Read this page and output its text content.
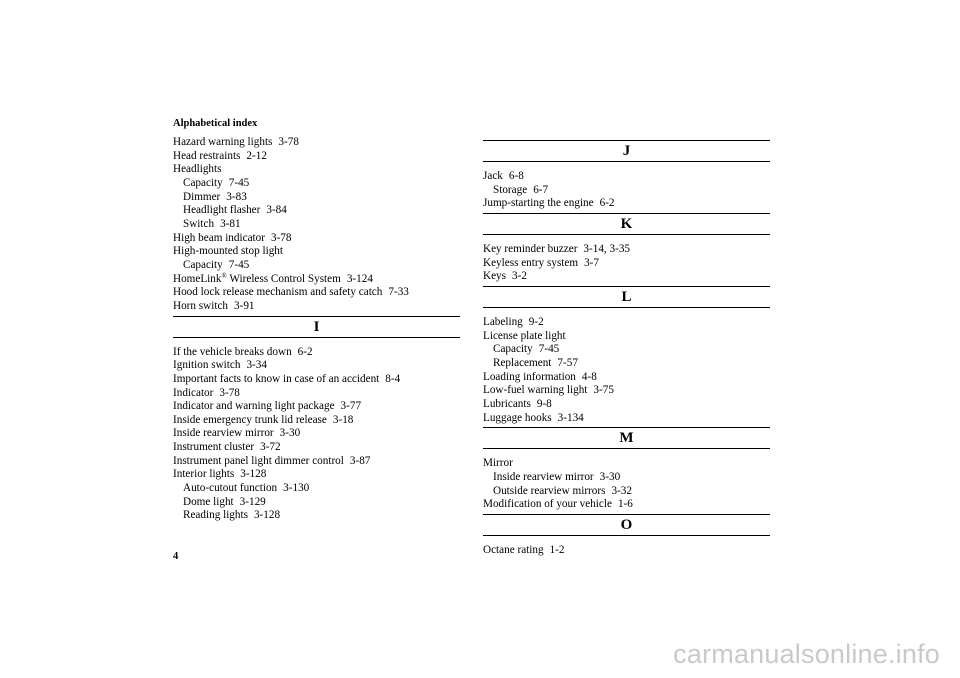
Alphabetical index
Hazard warning lights 3-78
Head restraints 2-12
Headlights
Capacity 7-45
Dimmer 3-83
Headlight flasher 3-84
Switch 3-81
High beam indicator 3-78
High-mounted stop light
Capacity 7-45
HomeLink® Wireless Control System 3-124
Hood lock release mechanism and safety catch 7-33
Horn switch 3-91
I
If the vehicle breaks down 6-2
Ignition switch 3-34
Important facts to know in case of an accident 8-4
Indicator 3-78
Indicator and warning light package 3-77
Inside emergency trunk lid release 3-18
Inside rearview mirror 3-30
Instrument cluster 3-72
Instrument panel light dimmer control 3-87
Interior lights 3-128
Auto-cutout function 3-130
Dome light 3-129
Reading lights 3-128
J
Jack 6-8
Storage 6-7
Jump-starting the engine 6-2
K
Key reminder buzzer 3-14, 3-35
Keyless entry system 3-7
Keys 3-2
L
Labeling 9-2
License plate light
Capacity 7-45
Replacement 7-57
Loading information 4-8
Low-fuel warning light 3-75
Lubricants 9-8
Luggage hooks 3-134
M
Mirror
Inside rearview mirror 3-30
Outside rearview mirrors 3-32
Modification of your vehicle 1-6
O
Octane rating 1-2
4
carmanualsonline.info
